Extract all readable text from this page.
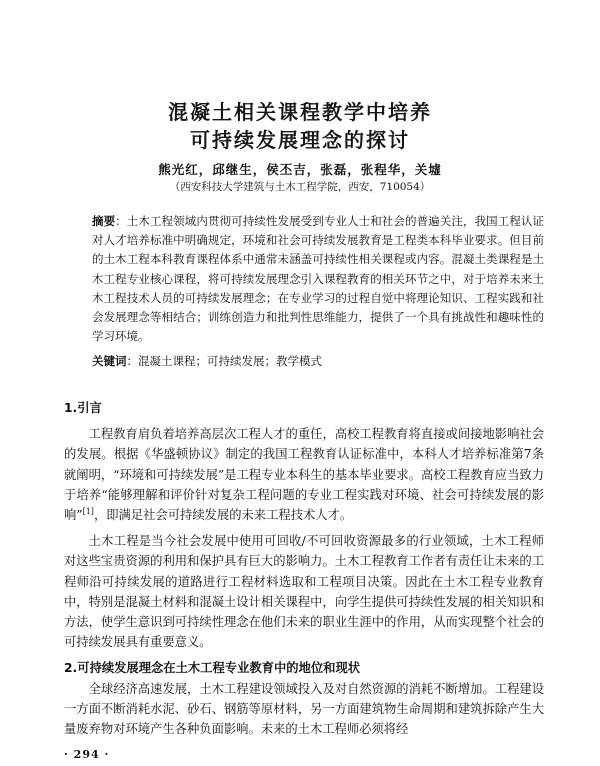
混凝土相关课程教学中培养
可持续发展理念的探讨
熊光红，邱继生，侯丕吉，张磊，张程华，关墟
（西安科技大学建筑与土木工程学院，西安，710054）
摘要：土木工程领域内贯彻可持续性发展受到专业人士和社会的普遍关注，我国工程认证对人才培养标准中明确规定，环境和社会可持续发展教育是工程类本科毕业要求。但目前的土木工程本科教育课程体系中通常未涵盖可持续性相关课程或内容。混凝土类课程是土木工程专业核心课程，将可持续发展理念引入课程教育的相关环节之中，对于培养未来土木工程技术人员的可持续发展理念；在专业学习的过程自觉中将理论知识、工程实践和社会发展理念等相结合；训练创造力和批判性思维能力，提供了一个具有挑战性和趣味性的学习环境。
关键词：混凝土课程；可持续发展；教学模式
1.引言

工程教育肩负着培养高层次工程人才的重任，高校工程教育将直接或间接地影响社会的发展。根据《华盛顿协议》制定的我国工程教育认证标准中，本科人才培养标准第7条就阐明，“环境和可持续发展”是工程专业本科生的基本毕业要求。高校工程教育应当致力于培养“能够理解和评价针对复杂工程问题的专业工程实践对环境、社会可持续发展的影响”[1]，即满足社会可持续发展的未来工程技术人才。

土木工程是当今社会发展中使用可回收/不可回收资源最多的行业领域，土木工程师对这些宝贵资源的利用和保护具有巨大的影响力。土木工程教育工作者有责任让未来的工程师沿可持续发展的道路进行工程材料选取和工程项目决策。因此在土木工程专业教育中，特别是混凝土材料和混凝土设计相关课程中，向学生提供可持续性发展的相关知识和方法，使学生意识到可持续性理念在他们未来的职业生涯中的作用，从而实现整个社会的可持续发展具有重要意义。

2.可持续发展理念在土木工程专业教育中的地位和现状

全球经济高速发展，土木工程建设领域投入及对自然资源的消耗不断增加。工程建设一方面不断消耗水泥、砂石、钢筋等原材料，另一方面建筑物生命周期和建筑拆除产生大量废弃物对环境产生各种负面影响。未来的土木工程师必须将经

· 294 ·
